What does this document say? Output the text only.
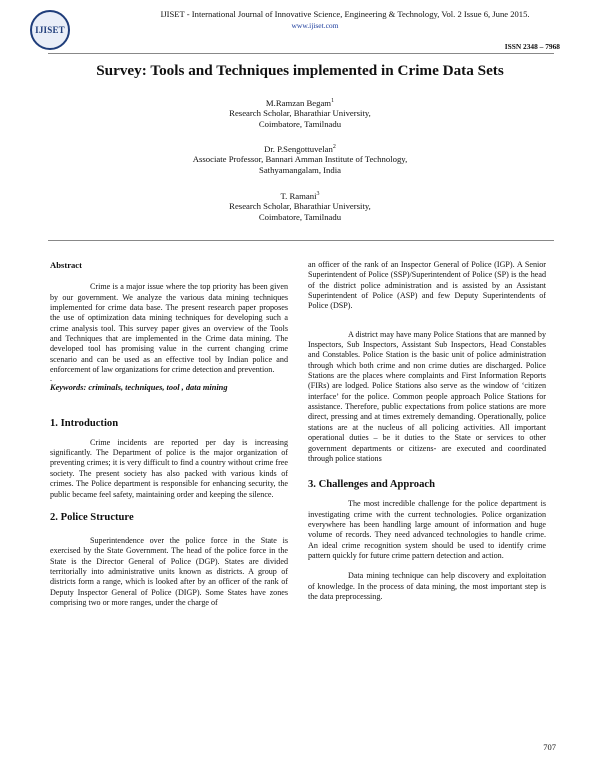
IJISET
IJISET - International Journal of Innovative Science, Engineering & Technology, Vol. 2 Issue 6, June 2015.
www.ijiset.com
ISSN 2348 – 7968
Survey: Tools and Techniques implemented in Crime Data Sets
M.Ramzan Begam$^1$
Research Scholar, Bharathiar University,
Coimbatore, Tamilnadu
Dr. P.Sengottuvelan$^2$
Associate Professor, Bannari Amman Institute of Technology,
Sathyamangalam, India
T. Ramani$^3$
Research Scholar, Bharathiar University,
Coimbatore, Tamilnadu
Abstract

Crime is a major issue where the top priority has been given by our government. We analyze the various data mining techniques implemented for crime data base. The present research paper proposes the use of optimization data mining techniques for developing such a crime analysis tool. This survey paper gives an overview of the Tools and Techniques that are implemented in the Crime data mining. The developed tool has promising value in the current changing crime scenario and can be used as an effective tool by Indian police and enforcement of law organizations for crime detection and prevention.

.
Keywords: criminals, techniques, tool , data mining
1. Introduction

Crime incidents are reported per day is increasing significantly. The Department of police is the major organization of preventing crimes; it is very difficult to find a country without crime free society. The present society has also packed with various kinds of crimes. The Police department is responsible for enhancing security, the public became feel safety, maintaining order and keeping the silence.

2. Police Structure

Superintendence over the police force in the State is exercised by the State Government. The head of the police force in the State is the Director General of Police (DGP). States are divided territorially into administrative units known as districts. A group of districts form a range, which is looked after by an officer of the rank of Deputy Inspector General of Police (DIGP). Some States have zones comprising two or more ranges, under the charge of

an officer of the rank of an Inspector General of Police (IGP). A Senior Superintendent of Police (SSP)/Superintendent of Police (SP) is the head of the district police administration and is assisted by an Assistant Superintendent of Police (ASP) and few Deputy Superintendents of Police (DSP).

A district may have many Police Stations that are manned by Inspectors, Sub Inspectors, Assistant Sub Inspectors, Head Constables and Constables. Police Station is the basic unit of police administration through which both crime and non crime duties are discharged. Police Stations are the places where complaints and First Information Reports (FIRs) are lodged. Police Stations also serve as the window of ‘citizen interface’ for the police. Common people approach Police Stations for assistance. Therefore, public expectations from police stations are more direct, pressing and at times extremely demanding. Operationally, police stations are at the nucleus of all policing activities. All important operational duties – be it duties to the State or services to other government departments or citizens- are executed and coordinated through police stations

3. Challenges and Approach

The most incredible challenge for the police department is investigating crime with the current technologies. Police organization everywhere has been handling large amount of information and huge volume of records. They need advanced technologies to handle crime. An ideal crime recognition system should be used to identify crime pattern quickly for future crime pattern detection and action.

Data mining technique can help discovery and exploitation of knowledge. In the process of data mining, the most important step is the data preprocessing.

707
